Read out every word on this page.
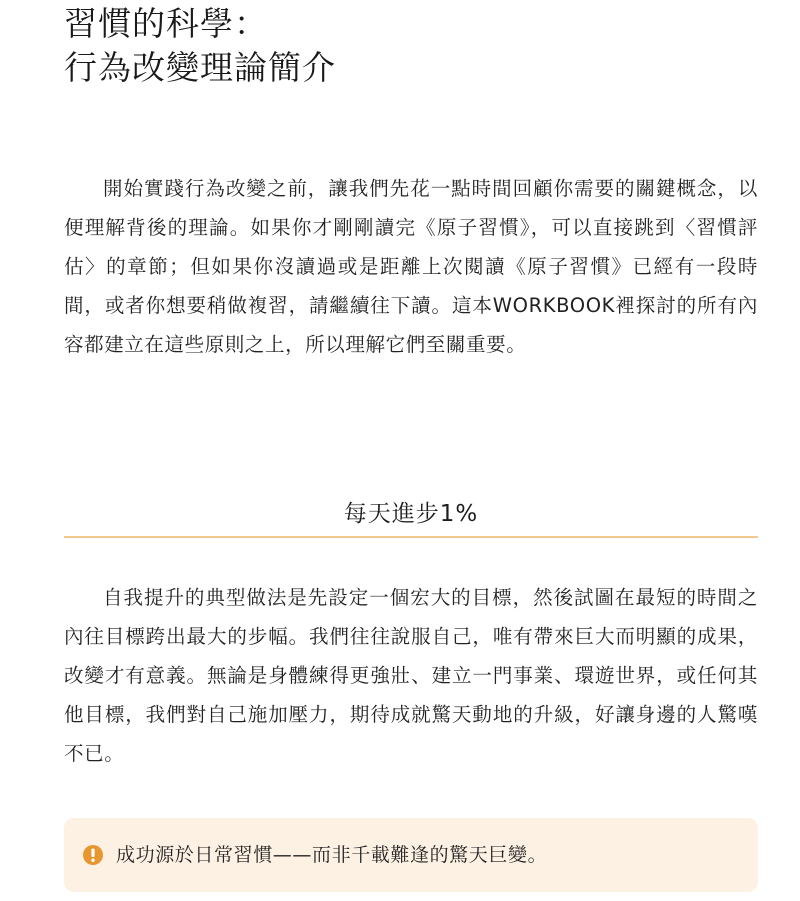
習慣的科學：
行為改變理論簡介

開始實踐行為改變之前，讓我們先花一點時間回顧你需要的關鍵概念，以便理解背後的理論。如果你才剛剛讀完《原子習慣》，可以直接跳到〈習慣評估〉的章節；但如果你沒讀過或是距離上次閱讀《原子習慣》已經有一段時間，或者你想要稍做複習，請繼續往下讀。這本WORKBOOK裡探討的所有內容都建立在這些原則之上，所以理解它們至關重要。

每天進步1%

自我提升的典型做法是先設定一個宏大的目標，然後試圖在最短的時間之內往目標跨出最大的步幅。我們往往說服自己，唯有帶來巨大而明顯的成果，改變才有意義。無論是身體練得更強壯、建立一門事業、環遊世界，或任何其他目標，我們對自己施加壓力，期待成就驚天動地的升級，好讓身邊的人驚嘆不已。

成功源於日常習慣——而非千載難逢的驚天巨變。
